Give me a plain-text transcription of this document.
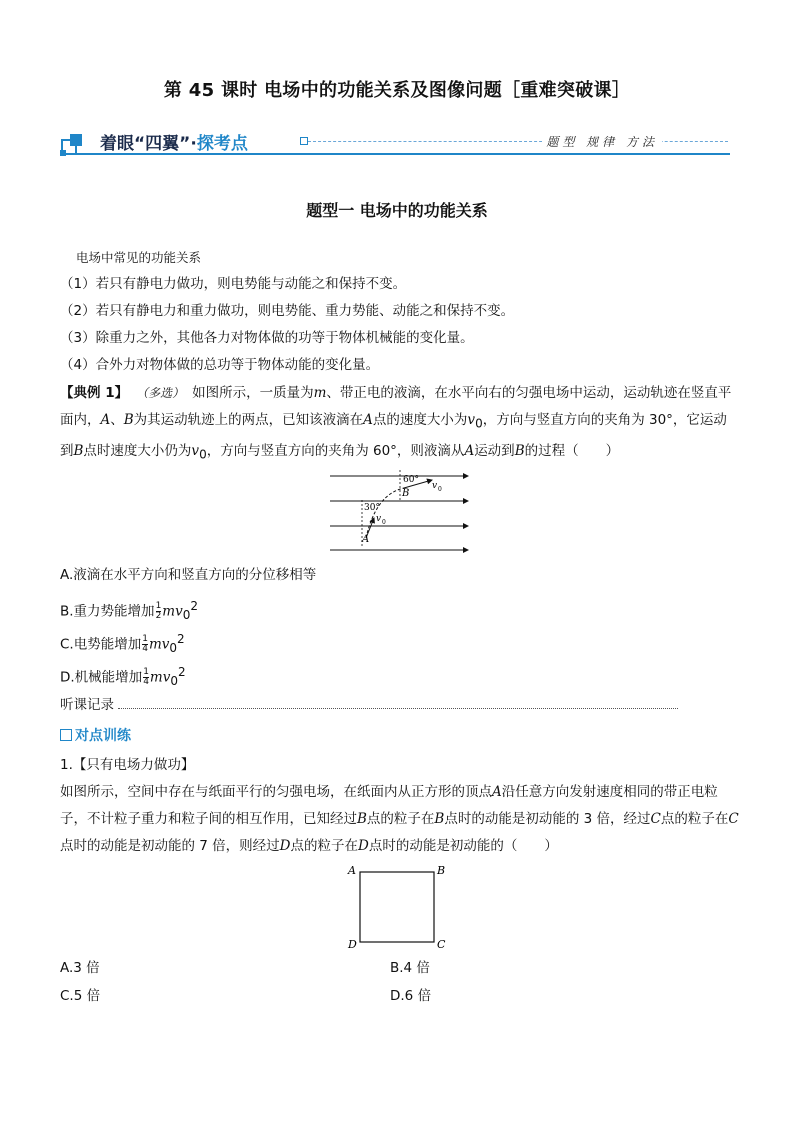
第 45 课时 电场中的功能关系及图像问题［重难突破课］
着眼“四翼”·探考点	题型 规律 方法
题型一 电场中的功能关系
电场中常见的功能关系
（1）若只有静电力做功，则电势能与动能之和保持不变。
（2）若只有静电力和重力做功，则电势能、重力势能、动能之和保持不变。
（3）除重力之外，其他各力对物体做的功等于物体机械能的变化量。
（4）合外力对物体做的总功等于物体动能的变化量。
【典例 1】 （多选） 如图所示，一质量为m、带正电的液滴，在水平向右的匀强电场中运动，运动轨迹在竖直平面内，A、B为其运动轨迹上的两点，已知该液滴在A点的速度大小为$v_0$，方向与竖直方向的夹角为 30°，它运动到B点时速度大小仍为$v_0$，方向与竖直方向的夹角为 60°，则液滴从A运动到B的过程（　　）
60°
30°
B
A
v 0
v 0
A.液滴在水平方向和竖直方向的分位移相等
B.重力势能增加 $\frac{1}{2} mv_0^2$
C.电势能增加 $\frac{1}{4} mv_0^2$
D.机械能增加 $\frac{1}{4} mv_0^2$
听课记录
对点训练
1.【只有电场力做功】
如图所示，空间中存在与纸面平行的匀强电场，在纸面内从正方形的顶点A沿任意方向发射速度相同的带正电粒子，不计粒子重力和粒子间的相互作用，已知经过B点的粒子在B点时的动能是初动能的 3 倍，经过C点的粒子在C点时的动能是初动能的 7 倍，则经过D点的粒子在D点时的动能是初动能的（　　）
A	B
D	C
A.3 倍	B.4 倍
C.5 倍	D.6 倍
